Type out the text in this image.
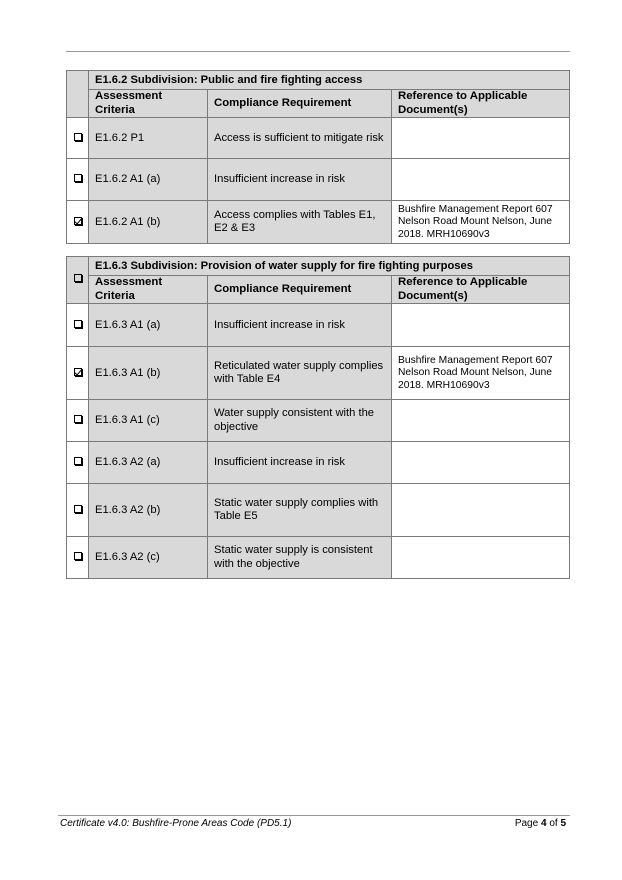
	E1.6.2 Subdivision: Public and fire fighting access		
	Assessment Criteria	Compliance Requirement	Reference to Applicable Document(s)
	E1.6.2 P1	Access is sufficient to mitigate risk	
	E1.6.2 A1 (a)	Insufficient increase in risk	
	E1.6.2 A1 (b)	Access complies with Tables E1, E2 & E3	Bushfire Management Report 607 Nelson Road Mount Nelson, June 2018. MRH10690v3
	E1.6.3 Subdivision: Provision of water supply for fire fighting purposes		
	Assessment Criteria	Compliance Requirement	Reference to Applicable Document(s)
	E1.6.3 A1 (a)	Insufficient increase in risk	
	E1.6.3 A1 (b)	Reticulated water supply complies with Table E4	Bushfire Management Report 607 Nelson Road Mount Nelson, June 2018. MRH10690v3
	E1.6.3 A1 (c)	Water supply consistent with the objective	
	E1.6.3 A2 (a)	Insufficient increase in risk	
	E1.6.3 A2 (b)	Static water supply complies with Table E5	
	E1.6.3 A2 (c)	Static water supply is consistent with the objective	
Certificate v4.0: Bushfire-Prone Areas Code (PD5.1)	Page 4 of 5
